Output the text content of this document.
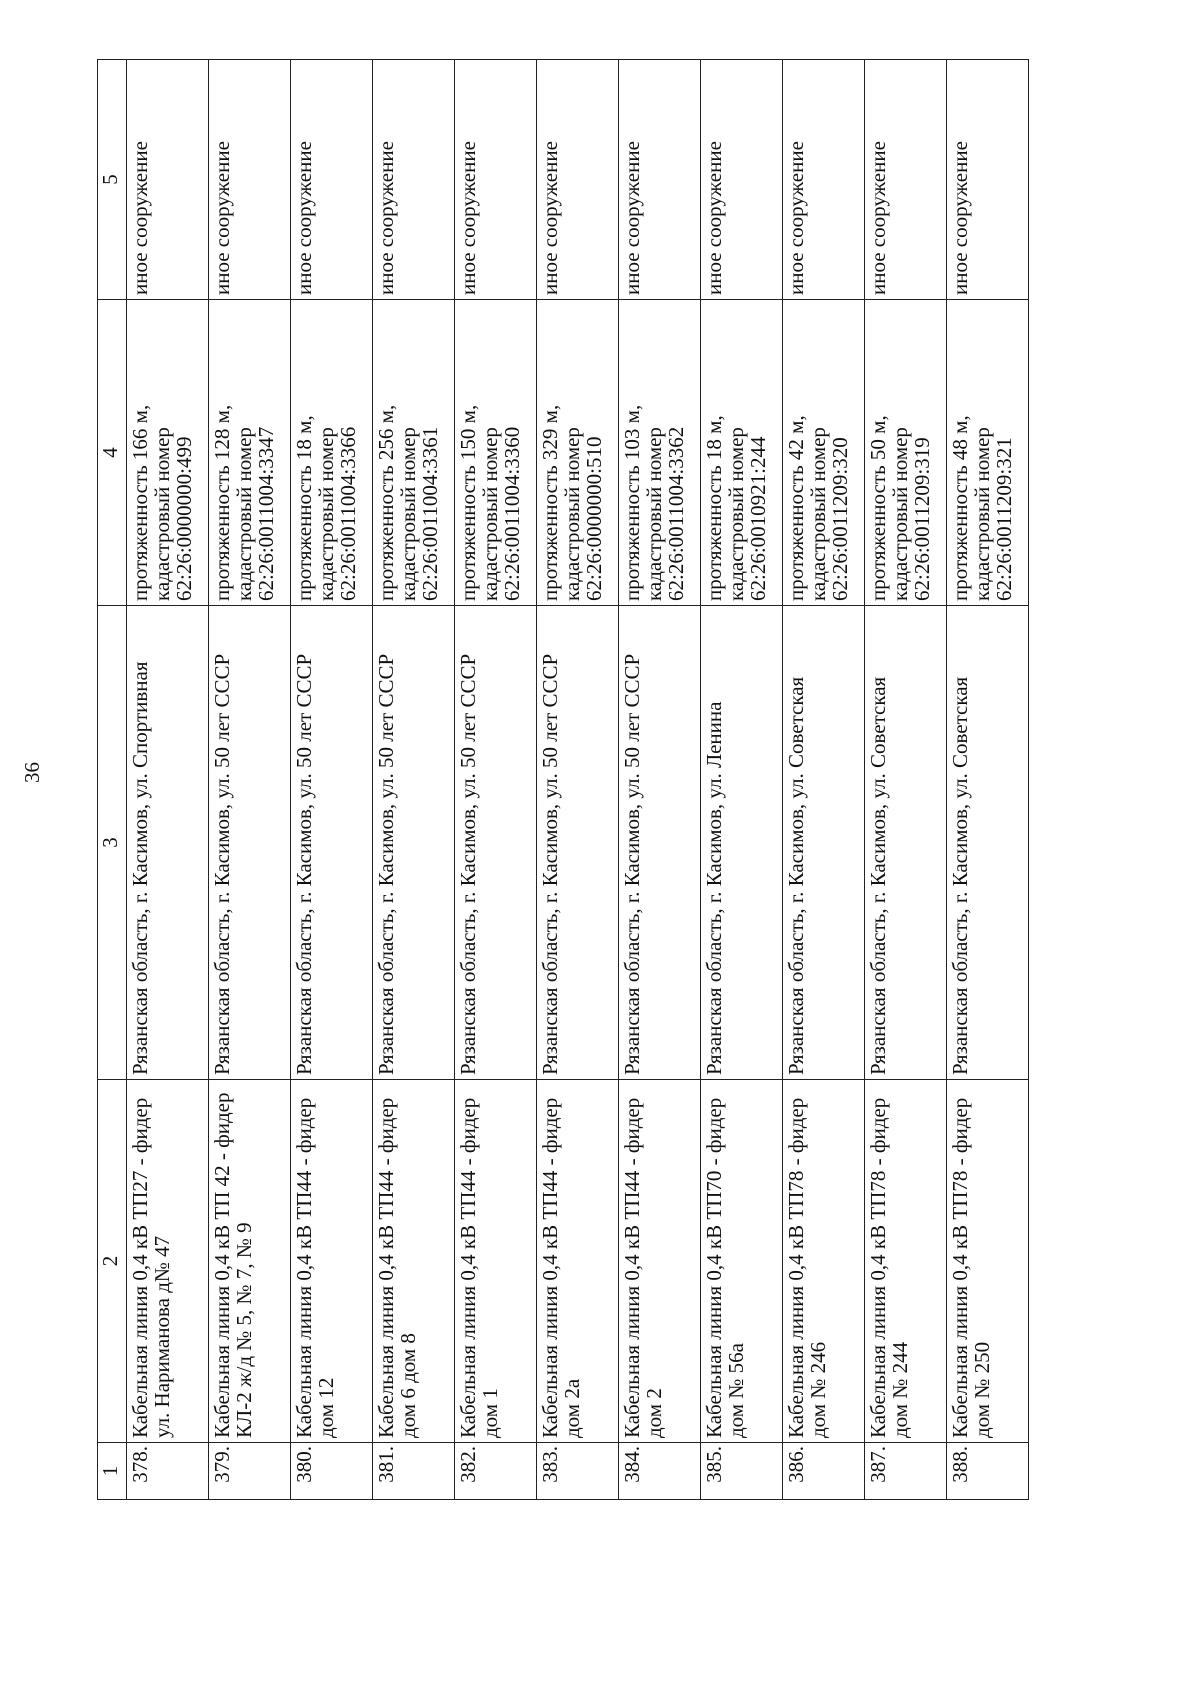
36
1	2	3	4	5
378.	Кабельная линия 0,4 кВ ТП27 - фидер ул. Нариманова д№ 47	Рязанская область, г. Касимов, ул. Спортивная	протяженность 166 м, кадастровый номер 62:26:0000000:499	иное сооружение
379.	Кабельная линия 0,4 кВ ТП 42 - фидер КЛ-2 ж/д № 5, № 7, № 9	Рязанская область, г. Касимов, ул. 50 лет СССР	протяженность 128 м, кадастровый номер 62:26:0011004:3347	иное сооружение
380.	Кабельная линия 0,4 кВ ТП44 - фидер дом 12	Рязанская область, г. Касимов, ул. 50 лет СССР	протяженность 18 м, кадастровый номер 62:26:0011004:3366	иное сооружение
381.	Кабельная линия 0,4 кВ ТП44 - фидер дом 6 дом 8	Рязанская область, г. Касимов, ул. 50 лет СССР	протяженность 256 м, кадастровый номер 62:26:0011004:3361	иное сооружение
382.	Кабельная линия 0,4 кВ ТП44 - фидер дом 1	Рязанская область, г. Касимов, ул. 50 лет СССР	протяженность 150 м, кадастровый номер 62:26:0011004:3360	иное сооружение
383.	Кабельная линия 0,4 кВ ТП44 - фидер дом 2а	Рязанская область, г. Касимов, ул. 50 лет СССР	протяженность 329 м, кадастровый номер 62:26:0000000:510	иное сооружение
384.	Кабельная линия 0,4 кВ ТП44 - фидер дом 2	Рязанская область, г. Касимов, ул. 50 лет СССР	протяженность 103 м, кадастровый номер 62:26:0011004:3362	иное сооружение
385.	Кабельная линия 0,4 кВ ТП70 - фидер дом № 56а	Рязанская область, г. Касимов, ул. Ленина	протяженность 18 м, кадастровый номер 62:26:0010921:244	иное сооружение
386.	Кабельная линия 0,4 кВ ТП78 - фидер дом № 246	Рязанская область, г. Касимов, ул. Советская	протяженность 42 м, кадастровый номер 62:26:0011209:320	иное сооружение
387.	Кабельная линия 0,4 кВ ТП78 - фидер дом № 244	Рязанская область, г. Касимов, ул. Советская	протяженность 50 м, кадастровый номер 62:26:0011209:319	иное сооружение
388.	Кабельная линия 0,4 кВ ТП78 - фидер дом № 250	Рязанская область, г. Касимов, ул. Советская	протяженность 48 м, кадастровый номер 62:26:0011209:321	иное сооружение
